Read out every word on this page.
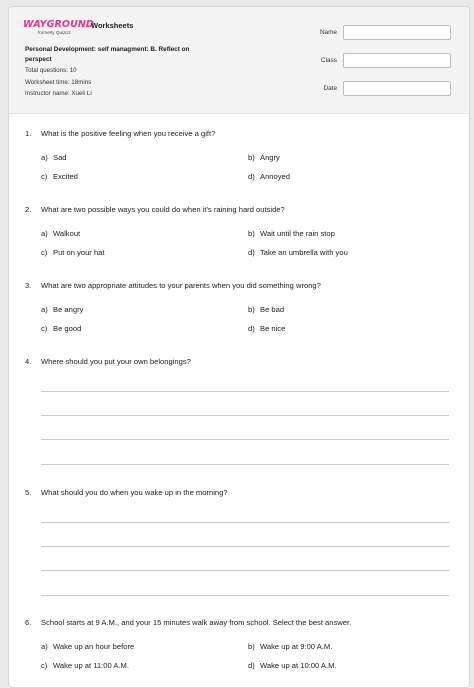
WAYGROUND
formerly Quizizz
Worksheets
Personal Development: self managment: B. Reflect on perspect
Total questions: 10
Worksheet time: 18mins
Instructor name: Xueli Li
Name
Class
Date
1. What is the positive feeling when you receive a gift?
a) Sad	b) Angry
c) Excited	d) Annoyed
2. What are two possible ways you could do when it's raining hard outside?
a) Walkout	b) Wait until the rain stop
c) Put on your hat	d) Take an umbrella with you
3. What are two appropriate attitudes to your parents when you did something wrong?
a) Be angry	b) Be bad
c) Be good	d) Be nice
4. Where should you put your own belongings?
5. What should you do when you wake up in the morning?
6. School starts at 9 A.M., and your 15 minutes walk away from school. Select the best answer.
a) Wake up an hour before	b) Wake up at 9:00 A.M.
c) Wake up at 11:00 A.M.	d) Wake up at 10:00 A.M.
